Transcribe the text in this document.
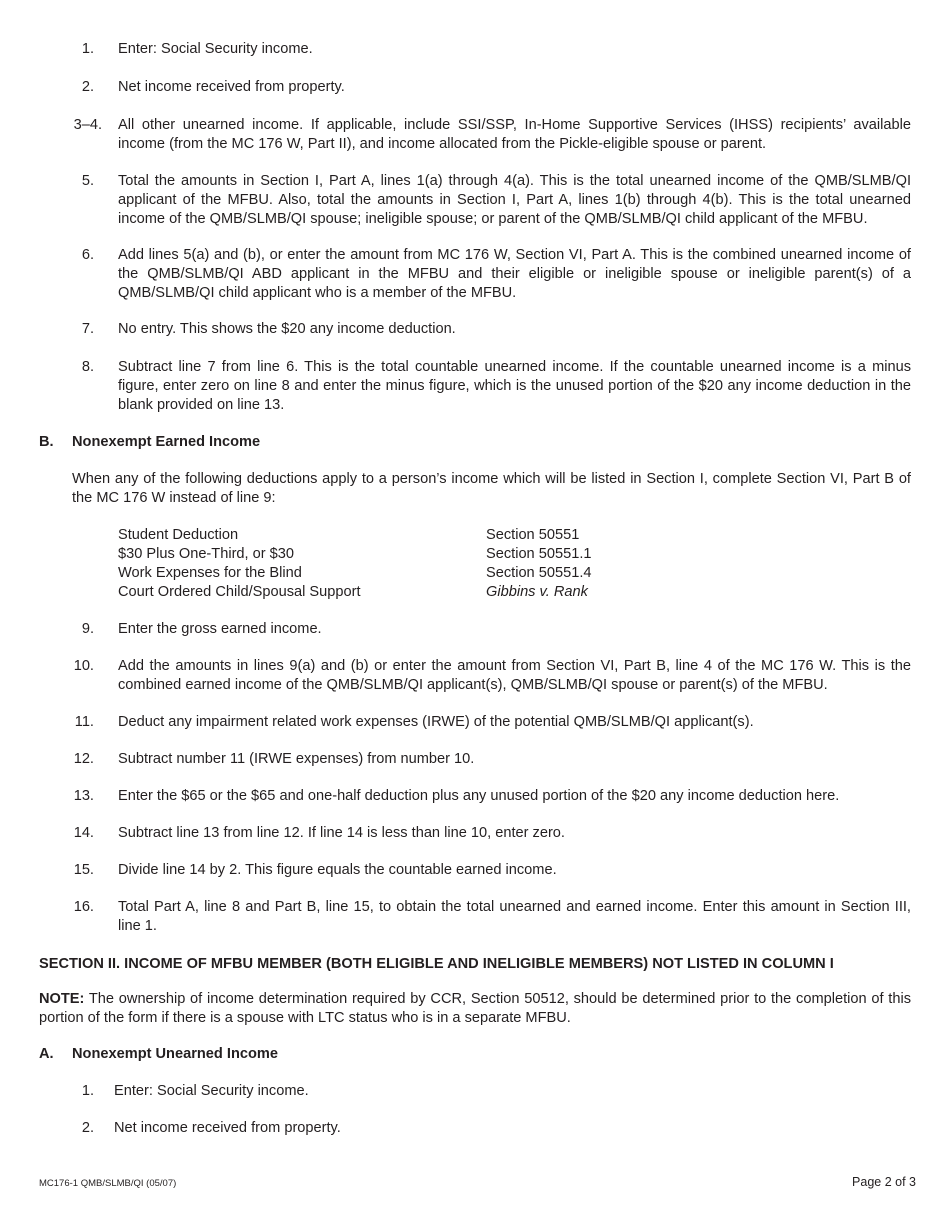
1. Enter: Social Security income.
2. Net income received from property.
3–4. All other unearned income. If applicable, include SSI/SSP, In-Home Supportive Services (IHSS) recipients’ available income (from the MC 176 W, Part II), and income allocated from the Pickle-eligible spouse or parent.
5. Total the amounts in Section I, Part A, lines 1(a) through 4(a). This is the total unearned income of the QMB/SLMB/QI applicant of the MFBU. Also, total the amounts in Section I, Part A, lines 1(b) through 4(b). This is the total unearned income of the QMB/SLMB/QI spouse; ineligible spouse; or parent of the QMB/SLMB/QI child applicant of the MFBU.
6. Add lines 5(a) and (b), or enter the amount from MC 176 W, Section VI, Part A. This is the combined unearned income of the QMB/SLMB/QI ABD applicant in the MFBU and their eligible or ineligible spouse or ineligible parent(s) of a QMB/SLMB/QI child applicant who is a member of the MFBU.
7. No entry. This shows the $20 any income deduction.
8. Subtract line 7 from line 6. This is the total countable unearned income. If the countable unearned income is a minus figure, enter zero on line 8 and enter the minus figure, which is the unused portion of the $20 any income deduction in the blank provided on line 13.
B. Nonexempt Earned Income
When any of the following deductions apply to a person’s income which will be listed in Section I, complete Section VI, Part B of the MC 176 W instead of line 9:
Student Deduction	Section 50551
$30 Plus One-Third, or $30	Section 50551.1
Work Expenses for the Blind	Section 50551.4
Court Ordered Child/Spousal Support	Gibbins v. Rank
9. Enter the gross earned income.
10. Add the amounts in lines 9(a) and (b) or enter the amount from Section VI, Part B, line 4 of the MC 176 W. This is the combined earned income of the QMB/SLMB/QI applicant(s), QMB/SLMB/QI spouse or parent(s) of the MFBU.
11. Deduct any impairment related work expenses (IRWE) of the potential QMB/SLMB/QI applicant(s).
12. Subtract number 11 (IRWE expenses) from number 10.
13. Enter the $65 or the $65 and one-half deduction plus any unused portion of the $20 any income deduction here.
14. Subtract line 13 from line 12. If line 14 is less than line 10, enter zero.
15. Divide line 14 by 2. This figure equals the countable earned income.
16. Total Part A, line 8 and Part B, line 15, to obtain the total unearned and earned income. Enter this amount in Section III, line 1.
SECTION II. INCOME OF MFBU MEMBER (BOTH ELIGIBLE AND INELIGIBLE MEMBERS) NOT LISTED IN COLUMN I
NOTE: The ownership of income determination required by CCR, Section 50512, should be determined prior to the completion of this portion of the form if there is a spouse with LTC status who is in a separate MFBU.
A. Nonexempt Unearned Income
1. Enter: Social Security income.
2. Net income received from property.
MC176-1 QMB/SLMB/QI (05/07)	Page 2 of 3
